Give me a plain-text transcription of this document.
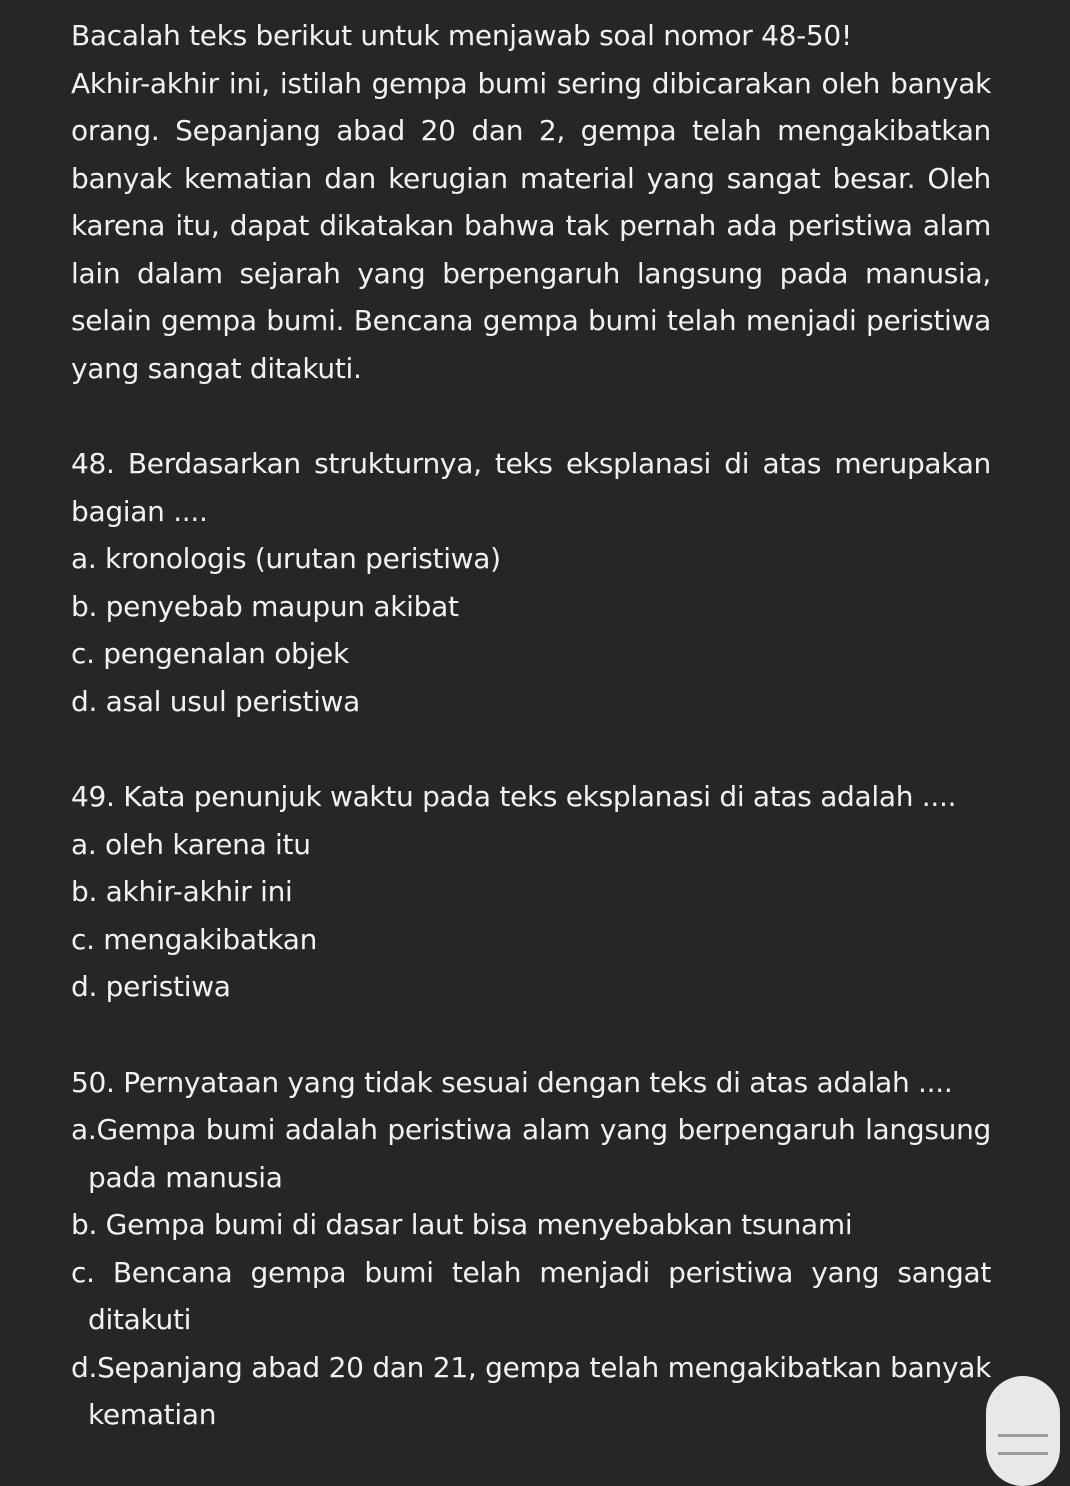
Bacalah teks berikut untuk menjawab soal nomor 48-50!

Akhir-akhir ini, istilah gempa bumi sering dibicarakan oleh banyak orang. Sepanjang abad 20 dan 2, gempa telah mengakibatkan banyak kematian dan kerugian material yang sangat besar. Oleh karena itu, dapat dikatakan bahwa tak pernah ada peristiwa alam lain dalam sejarah yang berpengaruh langsung pada manusia, selain gempa bumi. Bencana gempa bumi telah menjadi peristiwa yang sangat ditakuti.

48. Berdasarkan strukturnya, teks eksplanasi di atas merupakan bagian ....

a. kronologis (urutan peristiwa)

b. penyebab maupun akibat

c. pengenalan objek

d. asal usul peristiwa

49. Kata penunjuk waktu pada teks eksplanasi di atas adalah ....

a. oleh karena itu

b. akhir-akhir ini

c. mengakibatkan

d. peristiwa

50. Pernyataan yang tidak sesuai dengan teks di atas adalah ....

a.Gempa bumi adalah peristiwa alam yang berpengaruh langsung pada manusia

b. Gempa bumi di dasar laut bisa menyebabkan tsunami

c. Bencana gempa bumi telah menjadi peristiwa yang sangat ditakuti

d.Sepanjang abad 20 dan 21, gempa telah mengakibatkan banyak kematian
